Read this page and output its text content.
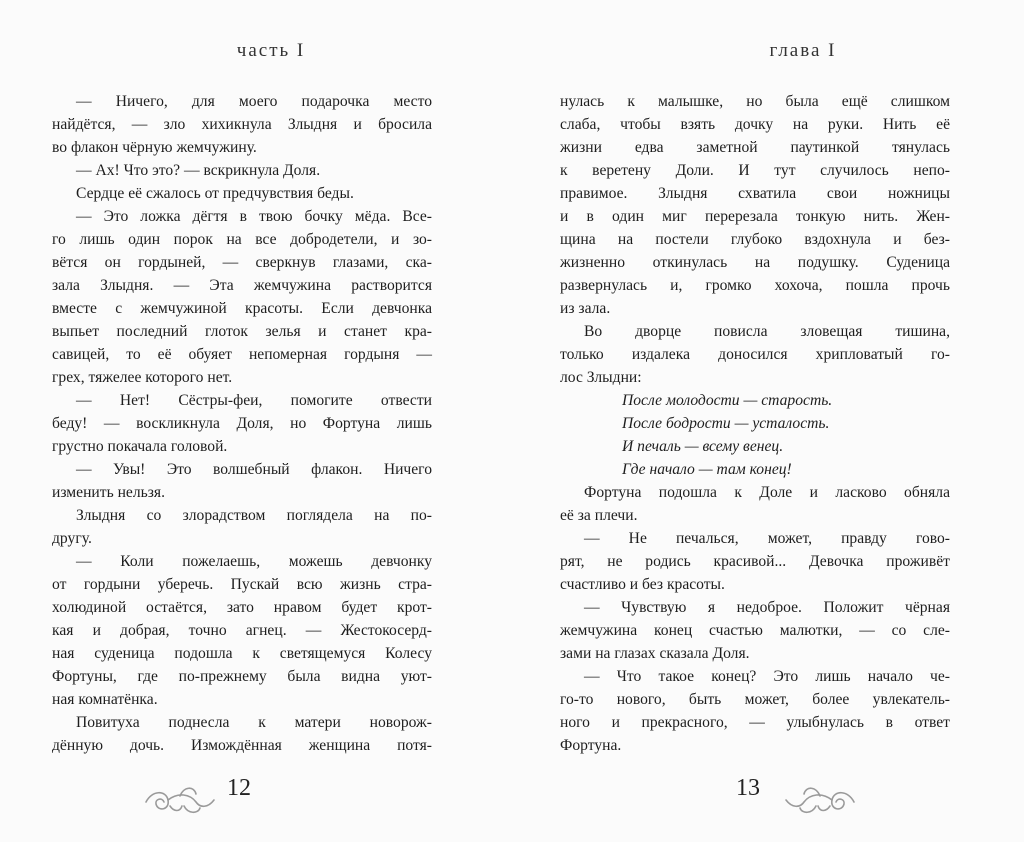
часть I
— Ничего, для моего подарочка место
найдётся, — зло хихикнула Злыдня и бросила
во флакон чёрную жемчужину.
— Ах! Что это? — вскрикнула Доля.
Сердце её сжалось от предчувствия беды.
— Это ложка дёгтя в твою бочку мёда. Все-
го лишь один порок на все добродетели, и зо-
вётся он гордыней, — сверкнув глазами, ска-
зала Злыдня. — Эта жемчужина растворится
вместе с жемчужиной красоты. Если девчонка
выпьет последний глоток зелья и станет кра-
савицей, то её обуяет непомерная гордыня —
грех, тяжелее которого нет.
— Нет! Сёстры-феи, помогите отвести
беду! — воскликнула Доля, но Фортуна лишь
грустно покачала головой.
— Увы! Это волшебный флакон. Ничего
изменить нельзя.
Злыдня со злорадством поглядела на по-
другу.
— Коли пожелаешь, можешь девчонку
от гордыни уберечь. Пускай всю жизнь стра-
холюдиной остаётся, зато нравом будет крот-
кая и добрая, точно агнец. — Жестокосерд-
ная суденица подошла к светящемуся Колесу
Фортуны, где по-прежнему была видна уют-
ная комнатёнка.
Повитуха поднесла к матери новорож-
дённую дочь. Измождённая женщина потя-
12
глава I
нулась к малышке, но была ещё слишком
слаба, чтобы взять дочку на руки. Нить её
жизни едва заметной паутинкой тянулась
к веретену Доли. И тут случилось непо-
правимое. Злыдня схватила свои ножницы
и в один миг перерезала тонкую нить. Жен-
щина на постели глубоко вздохнула и без-
жизненно откинулась на подушку. Суденица
развернулась и, громко хохоча, пошла прочь
из зала.
Во дворце повисла зловещая тишина,
только издалека доносился хрипловатый го-
лос Злыдни:
После молодости — старость.
После бодрости — усталость.
И печаль — всему венец.
Где начало — там конец!
Фортуна подошла к Доле и ласково обняла
её за плечи.
— Не печалься, может, правду гово-
рят, не родись красивой... Девочка проживёт
счастливо и без красоты.
— Чувствую я недоброе. Положит чёрная
жемчужина конец счастью малютки, — со сле-
зами на глазах сказала Доля.
— Что такое конец? Это лишь начало че-
го-то нового, быть может, более увлекатель-
ного и прекрасного, — улыбнулась в ответ
Фортуна.
13
